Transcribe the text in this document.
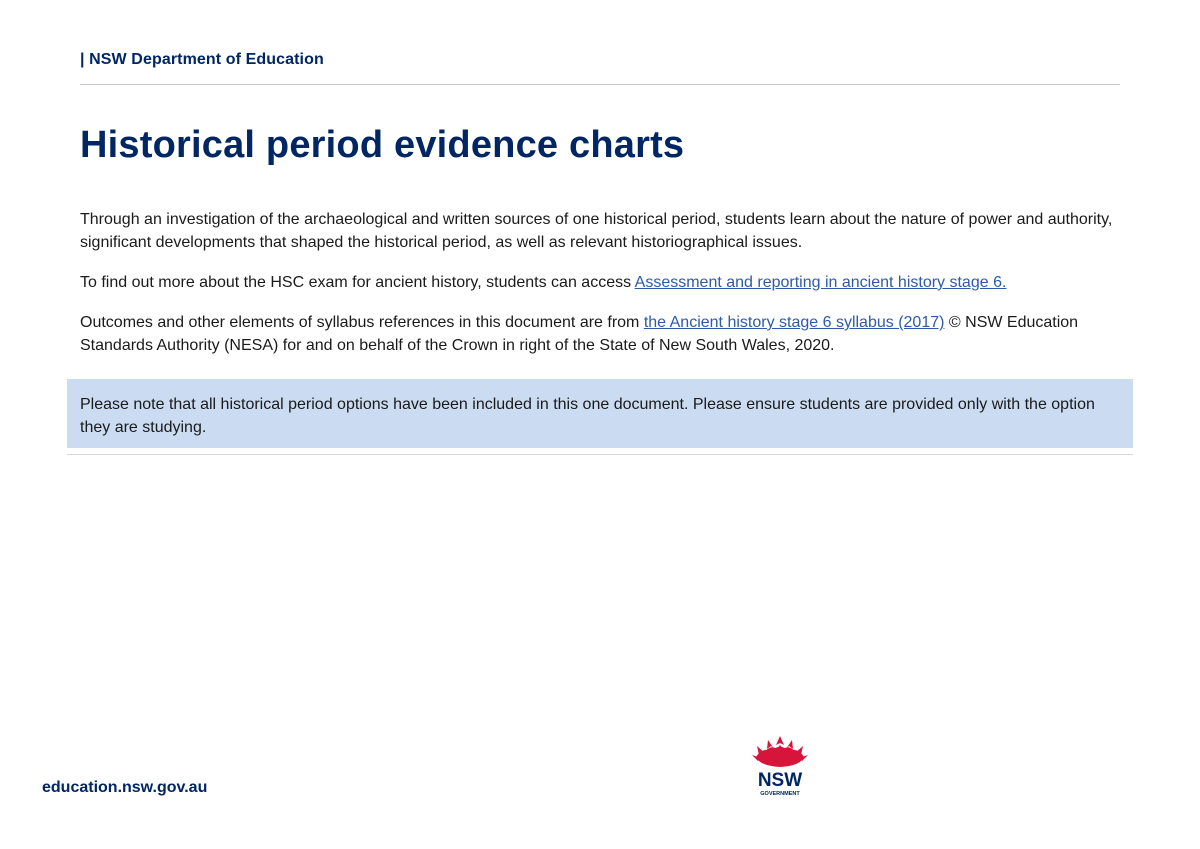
| NSW Department of Education
Historical period evidence charts

Through an investigation of the archaeological and written sources of one historical period, students learn about the nature of power and authority, significant developments that shaped the historical period, as well as relevant historiographical issues.

To find out more about the HSC exam for ancient history, students can access Assessment and reporting in ancient history stage 6.

Outcomes and other elements of syllabus references in this document are from the Ancient history stage 6 syllabus (2017) © NSW Education Standards Authority (NESA) for and on behalf of the Crown in right of the State of New South Wales, 2020.

Please note that all historical period options have been included in this one document. Please ensure students are provided only with the option they are studying.

education.nsw.gov.au	NSW
GOVERNMENT
